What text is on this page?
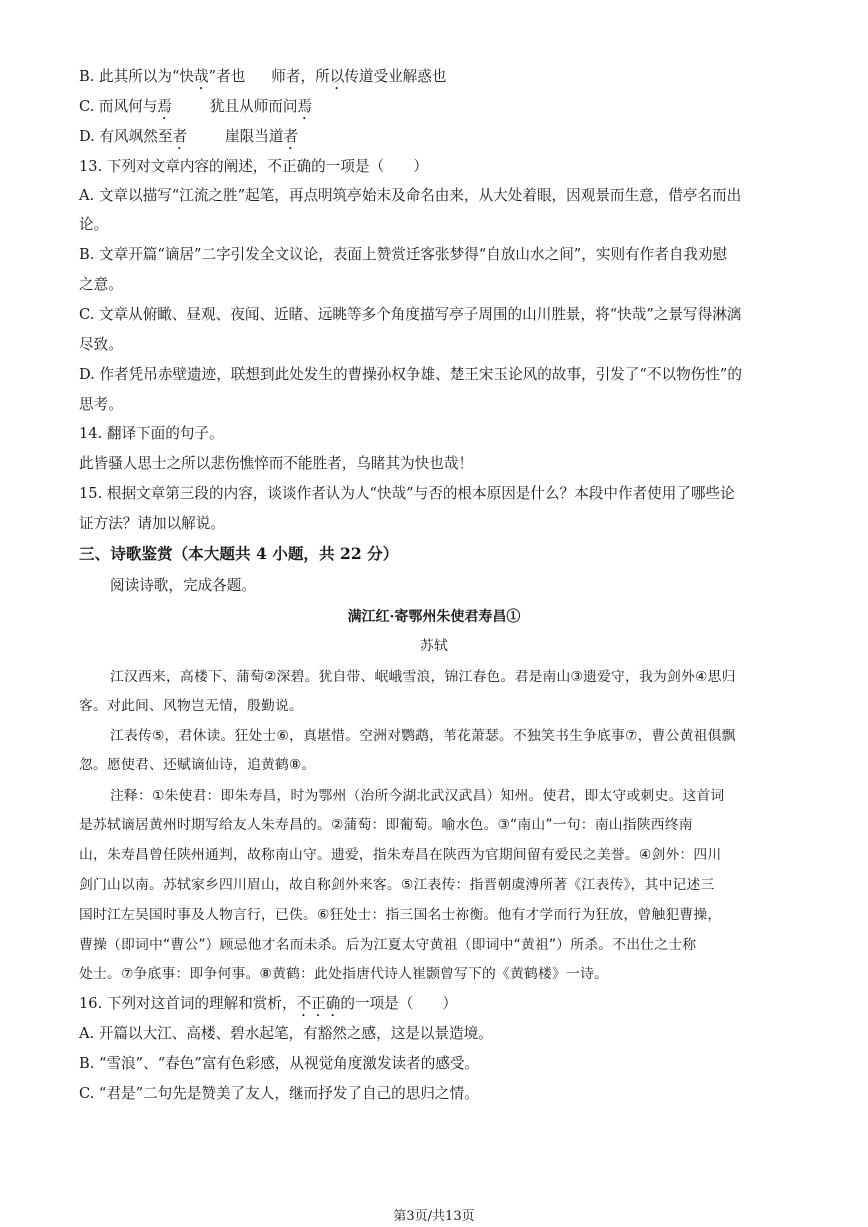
B. 此其所以为“快哉”者也 师者，所以传道受业解惑也
C. 而风何与焉	犹且从师而问焉
D. 有风飒然至者	崖限当道者
13. 下列对文章内容的阐述，不正确的一项是（　　）
A. 文章以描写“江流之胜”起笔，再点明筑亭始末及命名由来，从大处着眼，因观景而生意，借亭名而出
论。
B. 文章开篇“谪居”二字引发全文议论，表面上赞赏迁客张梦得“自放山水之间”，实则有作者自我劝慰
之意。
C. 文章从俯瞰、昼观、夜闻、近睹、远眺等多个角度描写亭子周围的山川胜景，将“快哉”之景写得淋漓
尽致。
D. 作者凭吊赤壁遗迹，联想到此处发生的曹操孙权争雄、楚王宋玉论风的故事，引发了“不以物伤性”的
思考。
14. 翻译下面的句子。
此皆骚人思士之所以悲伤憔悴而不能胜者，乌睹其为快也哉！
15. 根据文章第三段的内容，谈谈作者认为人“快哉”与否的根本原因是什么？本段中作者使用了哪些论
证方法？请加以解说。
三、诗歌鉴赏（本大题共 4 小题，共 22 分）
阅读诗歌，完成各题。
满江红·寄鄂州朱使君寿昌①
苏轼
江汉西来，高楼下、蒲萄②深碧。犹自带、岷峨雪浪，锦江春色。君是南山③遗爱守，我为剑外④思归
客。对此间、风物岂无情，殷勤说。
江表传⑤，君休读。狂处士⑥，真堪惜。空洲对鹦鹉，苇花萧瑟。不独笑书生争底事⑦，曹公黄祖俱飘
忽。愿使君、还赋谪仙诗，追黄鹤⑧。
注释：①朱使君：即朱寿昌，时为鄂州（治所今湖北武汉武昌）知州。使君，即太守或刺史。这首词
是苏轼谪居黄州时期写给友人朱寿昌的。②蒲萄：即葡萄。喻水色。③“南山”一句：南山指陕西终南
山，朱寿昌曾任陕州通判，故称南山守。遗爱，指朱寿昌在陕西为官期间留有爱民之美誉。④剑外：四川
剑门山以南。苏轼家乡四川眉山，故自称剑外来客。⑤江表传：指晋朝虞溥所著《江表传》，其中记述三
国时江左吴国时事及人物言行，已佚。⑥狂处士：指三国名士祢衡。他有才学而行为狂放，曾触犯曹操，
曹操（即词中“曹公”）顾忌他才名而未杀。后为江夏太守黄祖（即词中“黄祖”）所杀。不出仕之士称
处士。⑦争底事：即争何事。⑧黄鹤：此处指唐代诗人崔颢曾写下的《黄鹤楼》一诗。
16. 下列对这首词的理解和赏析，不正确的一项是（　　）
A. 开篇以大江、高楼、碧水起笔，有豁然之感，这是以景造境。
B. “雪浪”、“春色”富有色彩感，从视觉角度激发读者的感受。
C. “君是”二句先是赞美了友人，继而抒发了自己的思归之情。
第3页/共13页
